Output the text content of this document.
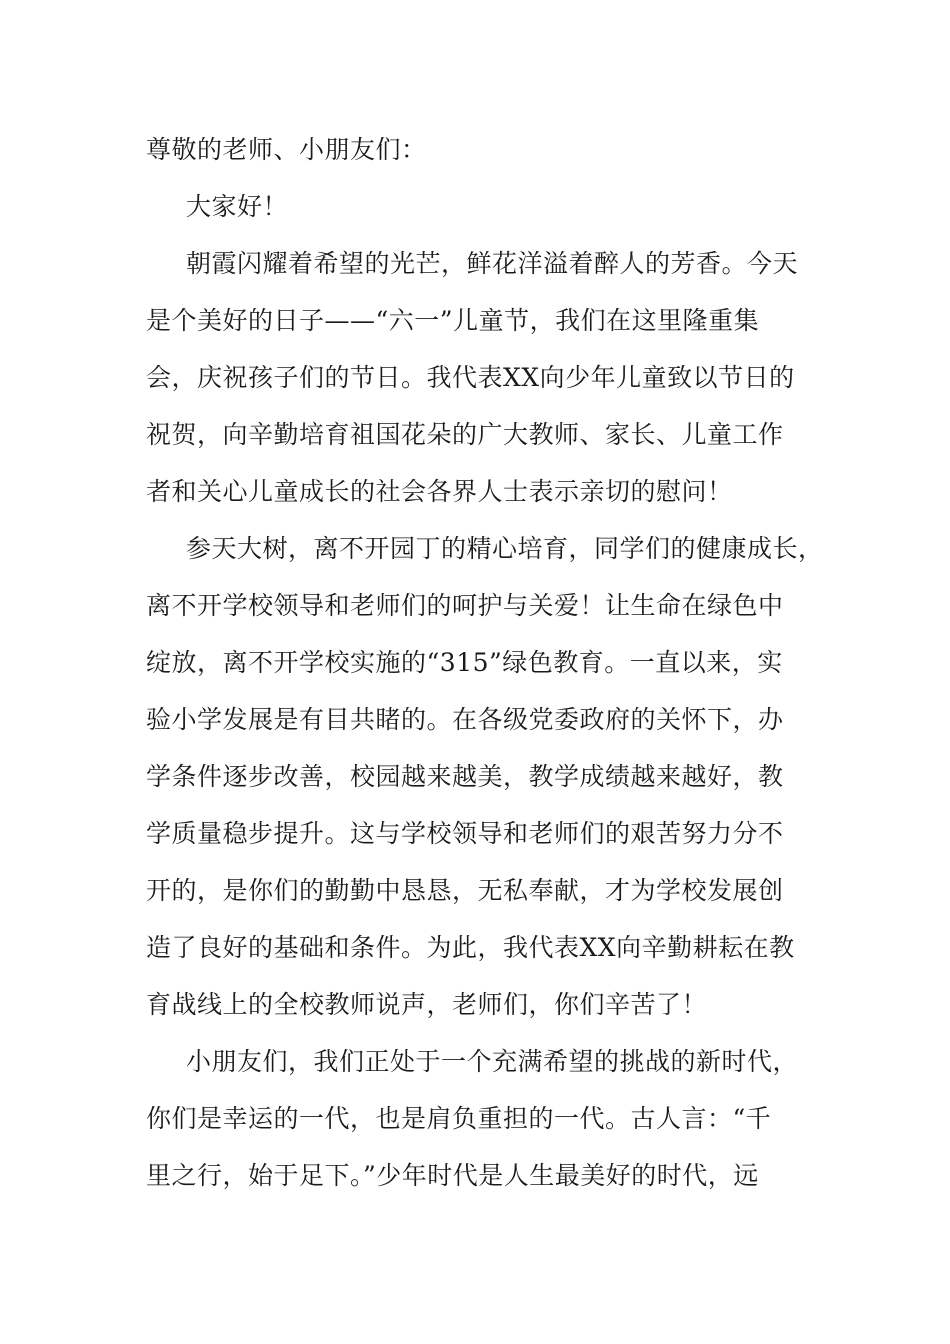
尊敬的老师、小朋友们：
大家好！
朝霞闪耀着希望的光芒，鲜花洋溢着醉人的芳香。今天
是个美好的日子——“六一”儿童节，我们在这里隆重集
会，庆祝孩子们的节日。我代表XX向少年儿童致以节日的
祝贺，向辛勤培育祖国花朵的广大教师、家长、儿童工作
者和关心儿童成长的社会各界人士表示亲切的慰问！
参天大树，离不开园丁的精心培育，同学们的健康成长，
离不开学校领导和老师们的呵护与关爱！让生命在绿色中
绽放，离不开学校实施的“315”绿色教育。一直以来，实
验小学发展是有目共睹的。在各级党委政府的关怀下，办
学条件逐步改善，校园越来越美，教学成绩越来越好，教
学质量稳步提升。这与学校领导和老师们的艰苦努力分不
开的，是你们的勤勤中恳恳，无私奉献，才为学校发展创
造了良好的基础和条件。为此，我代表XX向辛勤耕耘在教
育战线上的全校教师说声，老师们，你们辛苦了！
小朋友们，我们正处于一个充满希望的挑战的新时代，
你们是幸运的一代，也是肩负重担的一代。古人言：“千
里之行，始于足下。”少年时代是人生最美好的时代，远
